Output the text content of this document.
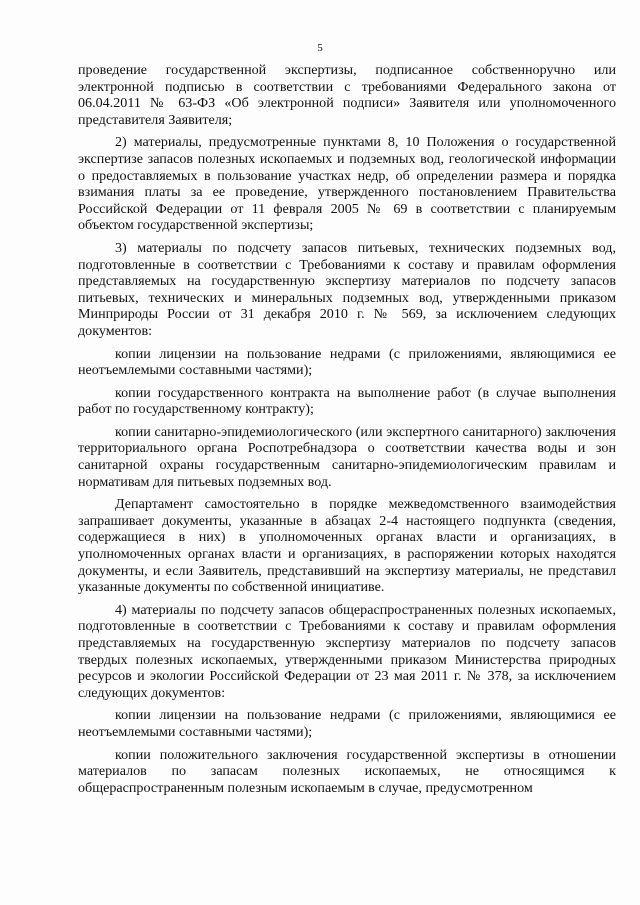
5

проведение государственной экспертизы, подписанное собственноручно или электронной подписью в соответствии с требованиями Федерального закона от 06.04.2011 № 63-ФЗ «Об электронной подписи» Заявителя или уполномоченного представителя Заявителя;

2) материалы, предусмотренные пунктами 8, 10 Положения о государственной экспертизе запасов полезных ископаемых и подземных вод, геологической информации о предоставляемых в пользование участках недр, об определении размера и порядка взимания платы за ее проведение, утвержденного постановлением Правительства Российской Федерации от 11 февраля 2005 № 69 в соответствии с планируемым объектом государственной экспертизы;

3) материалы по подсчету запасов питьевых, технических подземных вод, подготовленные в соответствии с Требованиями к составу и правилам оформления представляемых на государственную экспертизу материалов по подсчету запасов питьевых, технических и минеральных подземных вод, утвержденными приказом Минприроды России от 31 декабря 2010 г. № 569, за исключением следующих документов:

копии лицензии на пользование недрами (с приложениями, являющимися ее неотъемлемыми составными частями);

копии государственного контракта на выполнение работ (в случае выполнения работ по государственному контракту);

копии санитарно-эпидемиологического (или экспертного санитарного) заключения территориального органа Роспотребнадзора о соответствии качества воды и зон санитарной охраны государственным санитарно-эпидемиологическим правилам и нормативам для питьевых подземных вод.

Департамент самостоятельно в порядке межведомственного взаимодействия запрашивает документы, указанные в абзацах 2-4 настоящего подпункта (сведения, содержащиеся в них) в уполномоченных органах власти и организациях, в уполномоченных органах власти и организациях, в распоряжении которых находятся документы, и если Заявитель, представивший на экспертизу материалы, не представил указанные документы по собственной инициативе.

4) материалы по подсчету запасов общераспространенных полезных ископаемых, подготовленные в соответствии с Требованиями к составу и правилам оформления представляемых на государственную экспертизу материалов по подсчету запасов твердых полезных ископаемых, утвержденными приказом Министерства природных ресурсов и экологии Российской Федерации от 23 мая 2011 г. № 378, за исключением следующих документов:

копии лицензии на пользование недрами (с приложениями, являющимися ее неотъемлемыми составными частями);

копии положительного заключения государственной экспертизы в отношении материалов по запасам полезных ископаемых, не относящимся к общераспространенным полезным ископаемым в случае, предусмотренном
